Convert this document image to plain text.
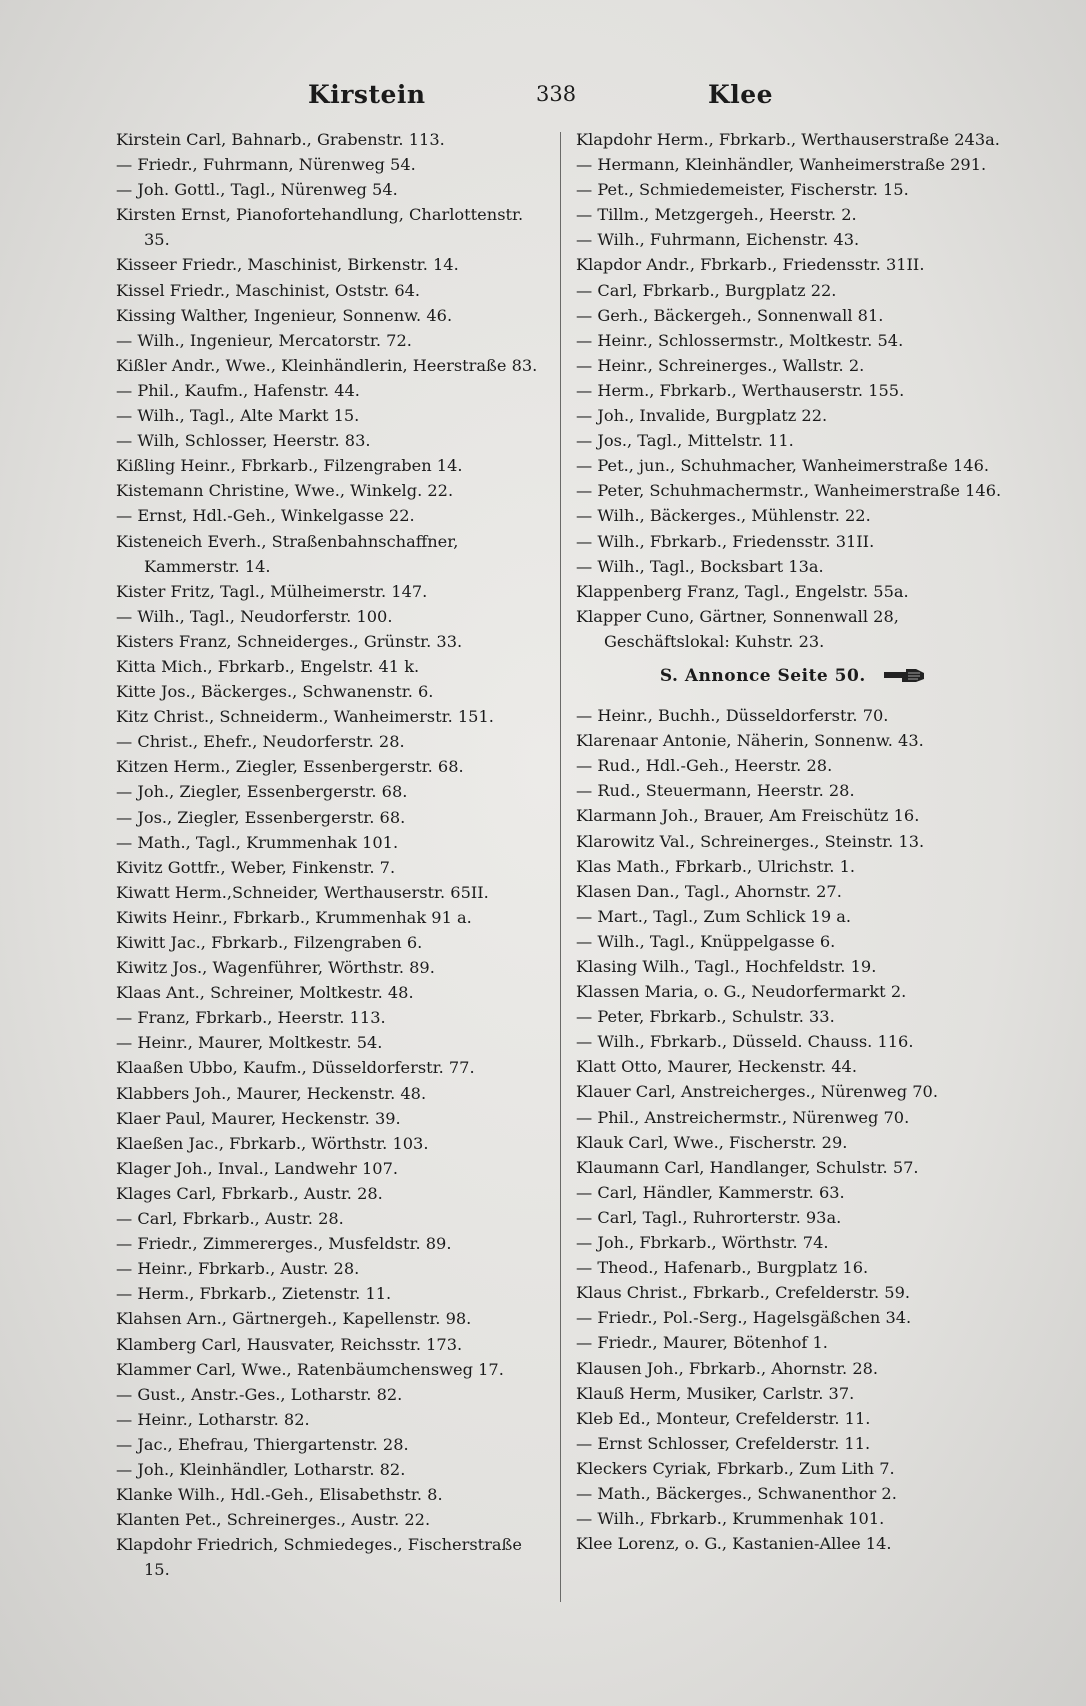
Kirstein	338	Klee

Kirstein Carl, Bahnarb., Grabenstr. 113.

— Friedr., Fuhrmann, Nürenweg 54.

— Joh. Gottl., Tagl., Nürenweg 54.

Kirsten Ernst, Pianofortehandlung, Charlottenstr. 35.

Kisseer Friedr., Maschinist, Birkenstr. 14.

Kissel Friedr., Maschinist, Oststr. 64.

Kissing Walther, Ingenieur, Sonnenw. 46.

— Wilh., Ingenieur, Mercatorstr. 72.

Kißler Andr., Wwe., Kleinhändlerin, Heerstraße 83.

— Phil., Kaufm., Hafenstr. 44.

— Wilh., Tagl., Alte Markt 15.

— Wilh, Schlosser, Heerstr. 83.

Kißling Heinr., Fbrkarb., Filzengraben 14.

Kistemann Christine, Wwe., Winkelg. 22.

— Ernst, Hdl.-Geh., Winkelgasse 22.

Kisteneich Everh., Straßenbahnschaffner, Kammerstr. 14.

Kister Fritz, Tagl., Mülheimerstr. 147.

— Wilh., Tagl., Neudorferstr. 100.

Kisters Franz, Schneiderges., Grünstr. 33.

Kitta Mich., Fbrkarb., Engelstr. 41 k.

Kitte Jos., Bäckerges., Schwanenstr. 6.

Kitz Christ., Schneiderm., Wanheimerstr. 151.

— Christ., Ehefr., Neudorferstr. 28.

Kitzen Herm., Ziegler, Essenbergerstr. 68.

— Joh., Ziegler, Essenbergerstr. 68.

— Jos., Ziegler, Essenbergerstr. 68.

— Math., Tagl., Krummenhak 101.

Kivitz Gottfr., Weber, Finkenstr. 7.

Kiwatt Herm.,Schneider, Werthauserstr. 65II.

Kiwits Heinr., Fbrkarb., Krummenhak 91 a.

Kiwitt Jac., Fbrkarb., Filzengraben 6.

Kiwitz Jos., Wagenführer, Wörthstr. 89.

Klaas Ant., Schreiner, Moltkestr. 48.

— Franz, Fbrkarb., Heerstr. 113.

— Heinr., Maurer, Moltkestr. 54.

Klaaßen Ubbo, Kaufm., Düsseldorferstr. 77.

Klabbers Joh., Maurer, Heckenstr. 48.

Klaer Paul, Maurer, Heckenstr. 39.

Klaeßen Jac., Fbrkarb., Wörthstr. 103.

Klager Joh., Inval., Landwehr 107.

Klages Carl, Fbrkarb., Austr. 28.

— Carl, Fbrkarb., Austr. 28.

— Friedr., Zimmererges., Musfeldstr. 89.

— Heinr., Fbrkarb., Austr. 28.

— Herm., Fbrkarb., Zietenstr. 11.

Klahsen Arn., Gärtnergeh., Kapellenstr. 98.

Klamberg Carl, Hausvater, Reichsstr. 173.

Klammer Carl, Wwe., Ratenbäumchensweg 17.

— Gust., Anstr.-Ges., Lotharstr. 82.

— Heinr., Lotharstr. 82.

— Jac., Ehefrau, Thiergartenstr. 28.

— Joh., Kleinhändler, Lotharstr. 82.

Klanke Wilh., Hdl.-Geh., Elisabethstr. 8.

Klanten Pet., Schreinerges., Austr. 22.

Klapdohr Friedrich, Schmiedeges., Fischerstraße 15.

Klapdohr Herm., Fbrkarb., Werthauserstraße 243a.

— Hermann, Kleinhändler, Wanheimerstraße 291.

— Pet., Schmiedemeister, Fischerstr. 15.

— Tillm., Metzgergeh., Heerstr. 2.

— Wilh., Fuhrmann, Eichenstr. 43.

Klapdor Andr., Fbrkarb., Friedensstr. 31II.

— Carl, Fbrkarb., Burgplatz 22.

— Gerh., Bäckergeh., Sonnenwall 81.

— Heinr., Schlossermstr., Moltkestr. 54.

— Heinr., Schreinerges., Wallstr. 2.

— Herm., Fbrkarb., Werthauserstr. 155.

— Joh., Invalide, Burgplatz 22.

— Jos., Tagl., Mittelstr. 11.

— Pet., jun., Schuhmacher, Wanheimerstraße 146.

— Peter, Schuhmachermstr., Wanheimerstraße 146.

— Wilh., Bäckerges., Mühlenstr. 22.

— Wilh., Fbrkarb., Friedensstr. 31II.

— Wilh., Tagl., Bocksbart 13a.

Klappenberg Franz, Tagl., Engelstr. 55a.

Klapper Cuno, Gärtner, Sonnenwall 28, Geschäftslokal: Kuhstr. 23.

S. Annonce Seite 50.

— Heinr., Buchh., Düsseldorferstr. 70.

Klarenaar Antonie, Näherin, Sonnenw. 43.

— Rud., Hdl.-Geh., Heerstr. 28.

— Rud., Steuermann, Heerstr. 28.

Klarmann Joh., Brauer, Am Freischütz 16.

Klarowitz Val., Schreinerges., Steinstr. 13.

Klas Math., Fbrkarb., Ulrichstr. 1.

Klasen Dan., Tagl., Ahornstr. 27.

— Mart., Tagl., Zum Schlick 19 a.

— Wilh., Tagl., Knüppelgasse 6.

Klasing Wilh., Tagl., Hochfeldstr. 19.

Klassen Maria, o. G., Neudorfermarkt 2.

— Peter, Fbrkarb., Schulstr. 33.

— Wilh., Fbrkarb., Düsseld. Chauss. 116.

Klatt Otto, Maurer, Heckenstr. 44.

Klauer Carl, Anstreicherges., Nürenweg 70.

— Phil., Anstreichermstr., Nürenweg 70.

Klauk Carl, Wwe., Fischerstr. 29.

Klaumann Carl, Handlanger, Schulstr. 57.

— Carl, Händler, Kammerstr. 63.

— Carl, Tagl., Ruhrorterstr. 93a.

— Joh., Fbrkarb., Wörthstr. 74.

— Theod., Hafenarb., Burgplatz 16.

Klaus Christ., Fbrkarb., Crefelderstr. 59.

— Friedr., Pol.-Serg., Hagelsgäßchen 34.

— Friedr., Maurer, Bötenhof 1.

Klausen Joh., Fbrkarb., Ahornstr. 28.

Klauß Herm, Musiker, Carlstr. 37.

Kleb Ed., Monteur, Crefelderstr. 11.

— Ernst Schlosser, Crefelderstr. 11.

Kleckers Cyriak, Fbrkarb., Zum Lith 7.

— Math., Bäckerges., Schwanenthor 2.

— Wilh., Fbrkarb., Krummenhak 101.

Klee Lorenz, o. G., Kastanien-Allee 14.
